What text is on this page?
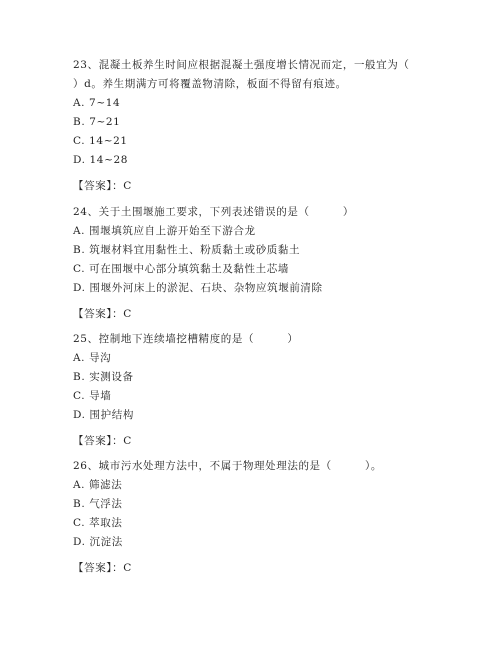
23、混凝土板养生时间应根据混凝土强度增长情况而定，一般宜为（
）d。养生期满方可将覆盖物清除，板面不得留有痕迹。
A. 7~14
B. 7~21
C. 14~21
D. 14~28
【答案】：C
24、关于土围堰施工要求，下列表述错误的是（　　　）
A. 围堰填筑应自上游开始至下游合龙
B. 筑堰材料宜用黏性土、粉质黏土或砂质黏土
C. 可在围堰中心部分填筑黏土及黏性土芯墙
D. 围堰外河床上的淤泥、石块、杂物应筑堰前清除
【答案】：C
25、控制地下连续墙挖槽精度的是（　　　）
A. 导沟
B. 实测设备
C. 导墙
D. 围护结构
【答案】：C
26、城市污水处理方法中，不属于物理处理法的是（　　　）。
A. 筛滤法
B. 气浮法
C. 萃取法
D. 沉淀法
【答案】：C
